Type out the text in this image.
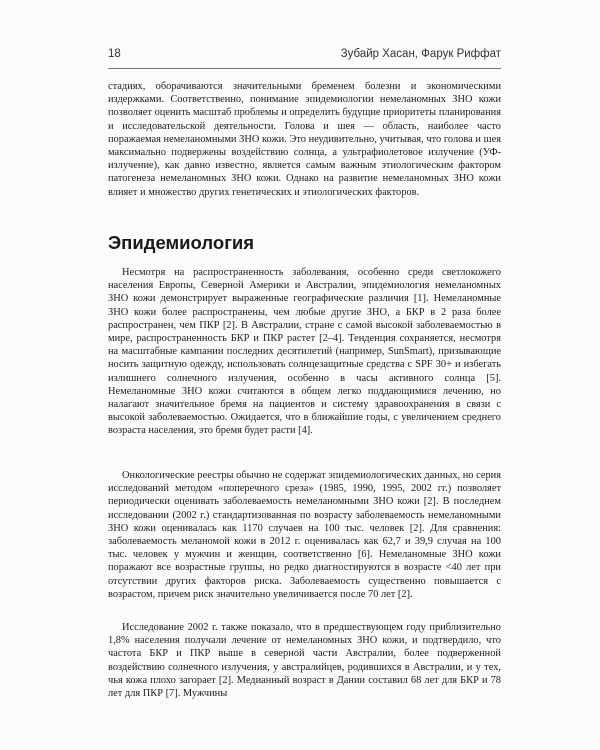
18	Зубайр Хасан, Фарук Риффат

стадиях, оборачиваются значительными бременем болезни и экономическими издержками. Соответственно, понимание эпидемиологии немеланомных ЗНО кожи позволяет оценить масштаб проблемы и определить будущие приоритеты планирования и исследовательской деятельности. Голова и шея — область, наиболее часто поражаемая немеланомными ЗНО кожи. Это неудивительно, учитывая, что голова и шея максимально подвержены воздействию солнца, а ультрафиолетовое излучение (УФ-излучение), как давно известно, является самым важным этиологическим фактором патогенеза немеланомных ЗНО кожи. Однако на развитие немеланомных ЗНО кожи влияет и множество других генетических и этиологических факторов.

Эпидемиология

Несмотря на распространенность заболевания, особенно среди светлокожего населения Европы, Северной Америки и Австралии, эпидемиология немеланомных ЗНО кожи демонстрирует выраженные географические различия [1]. Немеланомные ЗНО кожи более распространены, чем любые другие ЗНО, а БКР в 2 раза более распространен, чем ПКР [2]. В Австралии, стране с самой высокой заболеваемостью в мире, распространенность БКР и ПКР растет [2–4]. Тенденция сохраняется, несмотря на масштабные кампании последних десятилетий (например, SunSmart), призывающие носить защитную одежду, использовать солнцезащитные средства с SPF 30+ и избегать излишнего солнечного излучения, особенно в часы активного солнца [5]. Немеланомные ЗНО кожи считаются в общем легко поддающимися лечению, но налагают значительное бремя на пациентов и систему здравоохранения в связи с высокой заболеваемостью. Ожидается, что в ближайшие годы, с увеличением среднего возраста населения, это бремя будет расти [4].

Онкологические реестры обычно не содержат эпидемиологических данных, но серия исследований методом «поперечного среза» (1985, 1990, 1995, 2002 гг.) позволяет периодически оценивать заболеваемость немеланомными ЗНО кожи [2]. В последнем исследовании (2002 г.) стандартизованная по возрасту заболеваемость немеланомными ЗНО кожи оценивалась как 1170 случаев на 100 тыс. человек [2]. Для сравнения: заболеваемость меланомой кожи в 2012 г. оценивалась как 62,7 и 39,9 случая на 100 тыс. человек у мужчин и женщин, соответственно [6]. Немеланомные ЗНО кожи поражают все возрастные группы, но редко диагностируются в возрасте <40 лет при отсутствии других факторов риска. Заболеваемость существенно повышается с возрастом, причем риск значительно увеличивается после 70 лет [2].

Исследование 2002 г. также показало, что в предшествующем году приблизительно 1,8% населения получали лечение от немеланомных ЗНО кожи, и подтвердило, что частота БКР и ПКР выше в северной части Австралии, более подверженной воздействию солнечного излучения, у австралийцев, родившихся в Австралии, и у тех, чья кожа плохо загорает [2]. Медианный возраст в Дании составил 68 лет для БКР и 78 лет для ПКР [7]. Мужчины
